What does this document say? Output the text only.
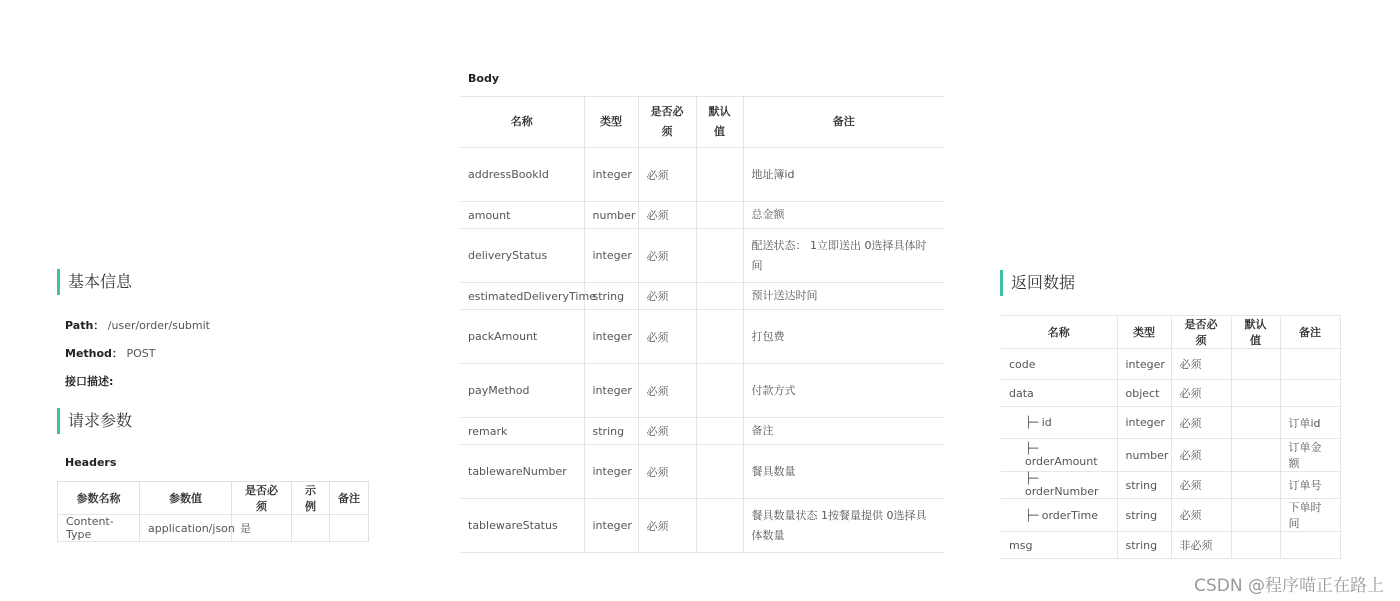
基本信息
Path： /user/order/submit
Method： POST
接口描述:
请求参数
Headers
参数名称	参数值	是否必须	示例	备注
Content-Type	application/json	是		
Body
名称	类型	是否必须	默认值	备注
addressBookId	integer	必须		地址簿id
amount	number	必须		总金额
deliveryStatus	integer	必须		配送状态： 1立即送出 0选择具体时间
estimatedDeliveryTime	string	必须		预计送达时间
packAmount	integer	必须		打包费
payMethod	integer	必须		付款方式
remark	string	必须		备注
tablewareNumber	integer	必须		餐具数量
tablewareStatus	integer	必须		餐具数量状态 1按餐量提供 0选择具体数量
返回数据
名称	类型	是否必须	默认值	备注
code	integer	必须		
data	object	必须		
├─ id	integer	必须		订单id
├─ orderAmount	number	必须		订单金额
├─ orderNumber	string	必须		订单号
├─ orderTime	string	必须		下单时间
msg	string	非必须		
CSDN @程序喵正在路上
